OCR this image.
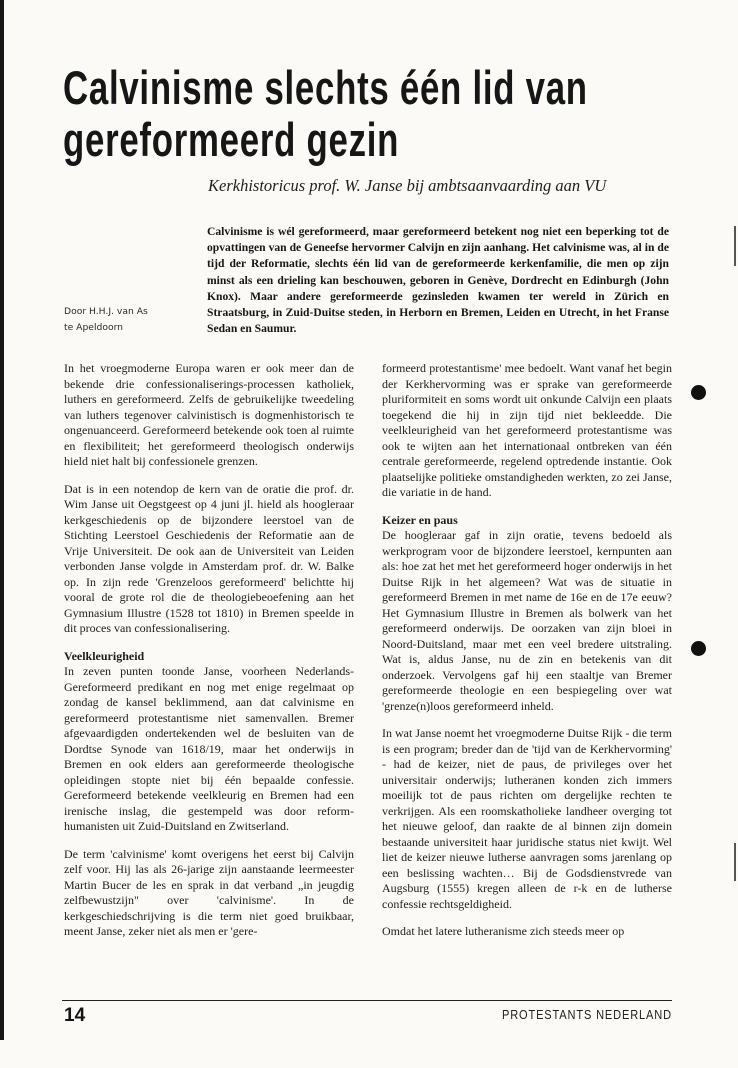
Calvinisme slechts één lid van
gereformeerd gezin
Kerkhistoricus prof. W. Janse bij ambtsaanvaarding aan VU
Calvinisme is wél gereformeerd, maar gereformeerd betekent nog niet een beperking tot de opvattingen van de Geneefse hervormer Calvijn en zijn aanhang. Het calvinisme was, al in de tijd der Reformatie, slechts één lid van de gereformeerde kerkenfamilie, die men op zijn minst als een drieling kan beschouwen, geboren in Genève, Dordrecht en Edinburgh (John Knox). Maar andere gereformeerde gezinsleden kwamen ter wereld in Zürich en Straatsburg, in Zuid-Duitse steden, in Herborn en Bremen, Leiden en Utrecht, in het Franse Sedan en Saumur.
Door H.H.J. van As
te Apeldoorn

In het vroegmoderne Europa waren er ook meer dan de bekende drie confessionaliserings-processen katholiek, luthers en gereformeerd. Zelfs de gebruikelijke tweedeling van luthers tegenover calvinistisch is dogmenhistorisch te ongenuanceerd. Gereformeerd betekende ook toen al ruimte en flexibiliteit; het gereformeerd theologisch onderwijs hield niet halt bij confessionele grenzen.

Dat is in een notendop de kern van de oratie die prof. dr. Wim Janse uit Oegstgeest op 4 juni jl. hield als hoogleraar kerkgeschiedenis op de bijzondere leerstoel van de Stichting Leerstoel Geschiedenis der Reformatie aan de Vrije Universiteit. De ook aan de Universiteit van Leiden verbonden Janse volgde in Amsterdam prof. dr. W. Balke op. In zijn rede 'Grenzeloos gereformeerd' belichtte hij vooral de grote rol die de theologiebeoefening aan het Gymnasium Illustre (1528 tot 1810) in Bremen speelde in dit proces van confessionalisering.

Veelkleurigheid

In zeven punten toonde Janse, voorheen Nederlands-Gereformeerd predikant en nog met enige regelmaat op zondag de kansel beklimmend, aan dat calvinisme en gereformeerd protestantisme niet samenvallen. Bremer afgevaardigden ondertekenden wel de besluiten van de Dordtse Synode van 1618/19, maar het onderwijs in Bremen en ook elders aan gereformeerde theologische opleidingen stopte niet bij één bepaalde confessie. Gereformeerd betekende veelkleurig en Bremen had een irenische inslag, die gestempeld was door reform-humanisten uit Zuid-Duitsland en Zwitserland.

De term 'calvinisme' komt overigens het eerst bij Calvijn zelf voor. Hij las als 26-jarige zijn aanstaande leermeester Martin Bucer de les en sprak in dat verband „in jeugdig zelfbewustzijn" over 'calvinisme'. In de kerkgeschiedschrijving is die term niet goed bruikbaar, meent Janse, zeker niet als men er 'gere-

formeerd protestantisme' mee bedoelt. Want vanaf het begin der Kerkhervorming was er sprake van gereformeerde pluriformiteit en soms wordt uit onkunde Calvijn een plaats toegekend die hij in zijn tijd niet bekleedde. Die veelkleurigheid van het gereformeerd protestantisme was ook te wijten aan het internationaal ontbreken van één centrale gereformeerde, regelend optredende instantie. Ook plaatselijke politieke omstandigheden werkten, zo zei Janse, die variatie in de hand.

Keizer en paus

De hoogleraar gaf in zijn oratie, tevens bedoeld als werkprogram voor de bijzondere leerstoel, kernpunten aan als: hoe zat het met het gereformeerd hoger onderwijs in het Duitse Rijk in het algemeen? Wat was de situatie in gereformeerd Bremen in met name de 16e en de 17e eeuw? Het Gymnasium Illustre in Bremen als bolwerk van het gereformeerd onderwijs. De oorzaken van zijn bloei in Noord-Duitsland, maar met een veel bredere uitstraling. Wat is, aldus Janse, nu de zin en betekenis van dit onderzoek. Vervolgens gaf hij een staaltje van Bremer gereformeerde theologie en een bespiegeling over wat 'grenze(n)loos gereformeerd inheld.

In wat Janse noemt het vroegmoderne Duitse Rijk - die term is een program; breder dan de 'tijd van de Kerkhervorming' - had de keizer, niet de paus, de privileges over het universitair onderwijs; lutheranen konden zich immers moeilijk tot de paus richten om dergelijke rechten te verkrijgen. Als een roomskatholieke landheer overging tot het nieuwe geloof, dan raakte de al binnen zijn domein bestaande universiteit haar juridische status niet kwijt. Wel liet de keizer nieuwe lutherse aanvragen soms jarenlang op een beslissing wachten… Bij de Godsdienstvrede van Augsburg (1555) kregen alleen de r-k en de lutherse confessie rechtsgeldigheid.

Omdat het latere lutheranisme zich steeds meer op

14	PROTESTANTS NEDERLAND
